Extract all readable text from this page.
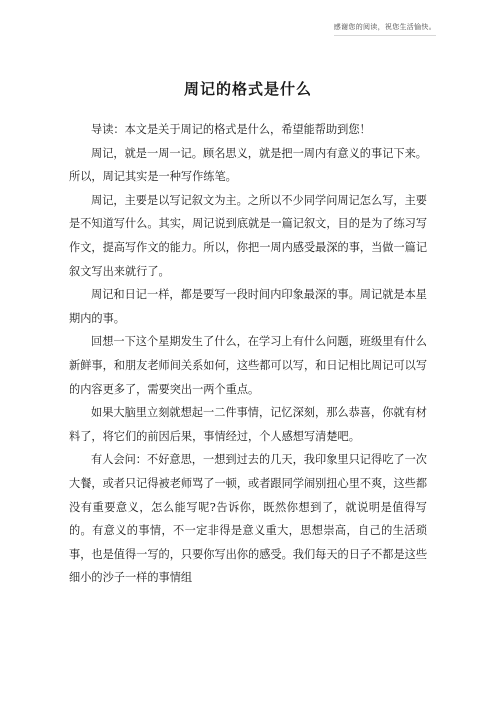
感谢您的阅读，祝您生活愉快。
周记的格式是什么

导读：本文是关于周记的格式是什么，希望能帮助到您！

周记，就是一周一记。顾名思义，就是把一周内有意义的事记下来。所以，周记其实是一种写作练笔。

周记，主要是以写记叙文为主。之所以不少同学问周记怎么写，主要是不知道写什么。其实，周记说到底就是一篇记叙文，目的是为了练习写作文，提高写作文的能力。所以，你把一周内感受最深的事，当做一篇记叙文写出来就行了。

周记和日记一样，都是要写一段时间内印象最深的事。周记就是本星期内的事。

回想一下这个星期发生了什么，在学习上有什么问题，班级里有什么新鲜事，和朋友老师间关系如何，这些都可以写，和日记相比周记可以写的内容更多了，需要突出一两个重点。

如果大脑里立刻就想起一二件事情，记忆深刻，那么恭喜，你就有材料了，将它们的前因后果，事情经过，个人感想写清楚吧。

有人会问：不好意思，一想到过去的几天，我印象里只记得吃了一次大餐，或者只记得被老师骂了一顿，或者跟同学闹别扭心里不爽，这些都没有重要意义，怎么能写呢?告诉你，既然你想到了，就说明是值得写的。有意义的事情，不一定非得是意义重大，思想崇高，自己的生活琐事，也是值得一写的，只要你写出你的感受。我们每天的日子不都是这些细小的沙子一样的事情组
